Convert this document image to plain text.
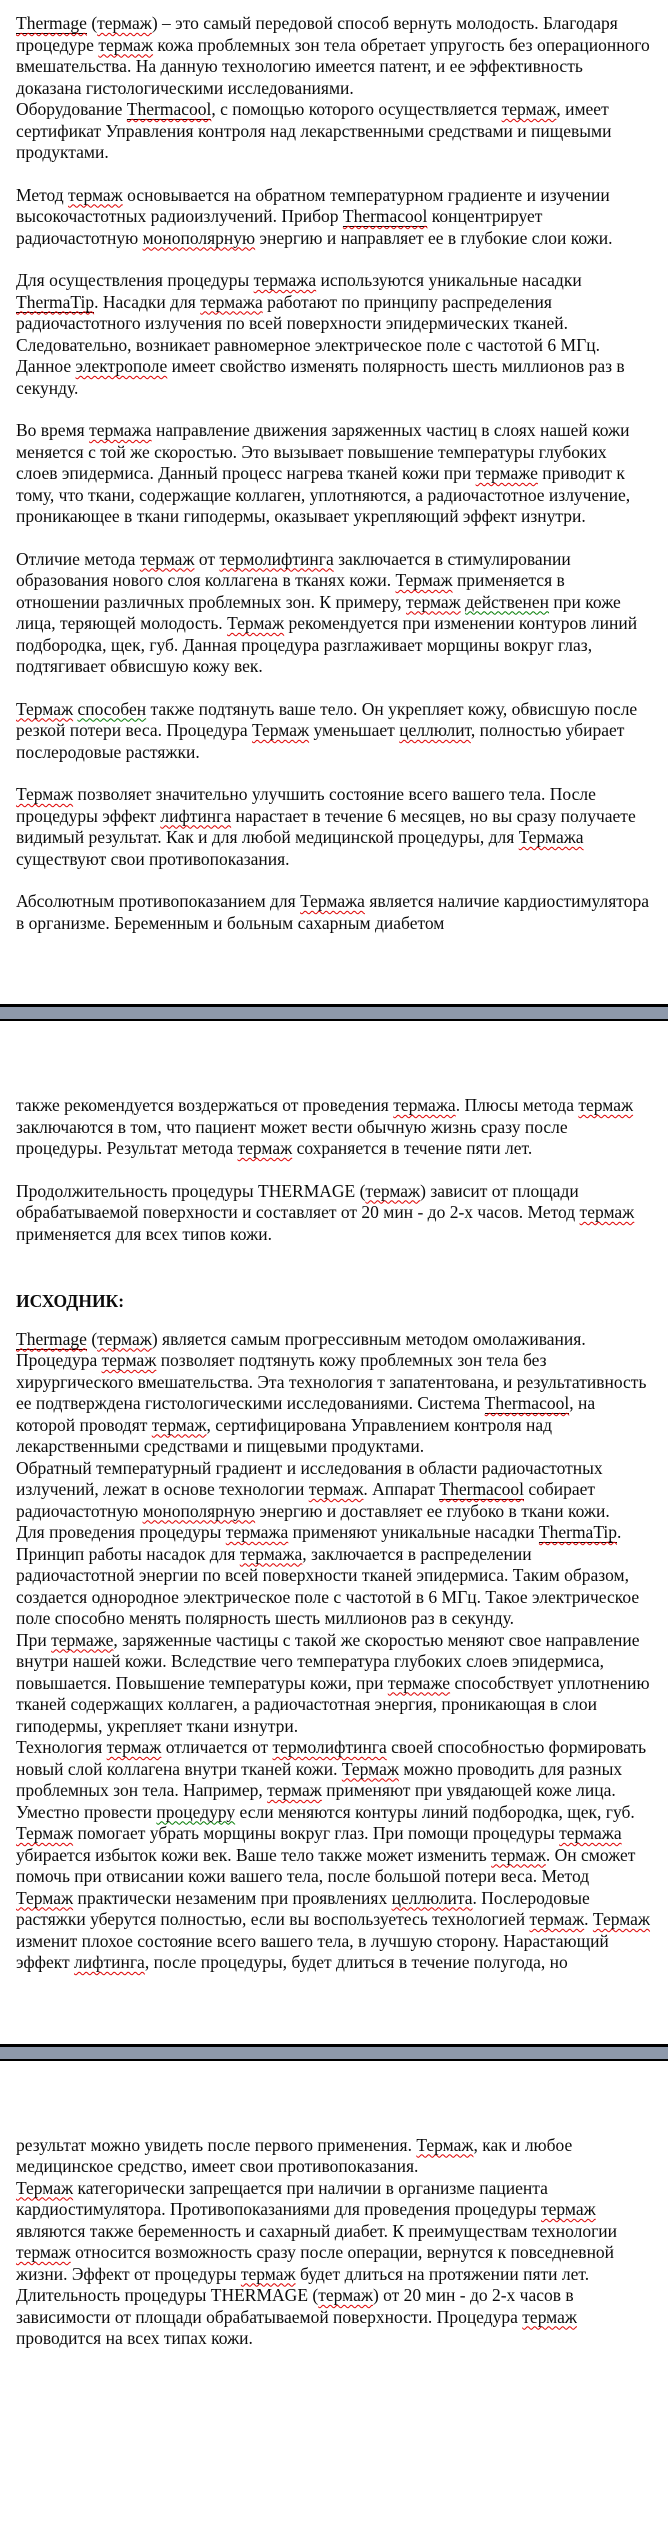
Thermage (термаж) – это самый передовой способ вернуть молодость. Благодаря процедуре термаж кожа проблемных зон тела обретает упругость без операционного вмешательства. На данную технологию имеется патент, и ее эффективность доказана гистологическими исследованиями.

Оборудование Thermacool, с помощью которого осуществляется термаж, имеет сертификат Управления контроля над лекарственными средствами и пищевыми продуктами.

Метод термаж основывается на обратном температурном градиенте и изучении высокочастотных радиоизлучений. Прибор Thermacool концентрирует радиочастотную монополярную энергию и направляет ее в глубокие слои кожи.

Для осуществления процедуры термажа используются уникальные насадки ThermaTip. Насадки для термажа работают по принципу распределения радиочастотного излучения по всей поверхности эпидермических тканей. Следовательно, возникает равномерное электрическое поле с частотой 6 МГц. Данное электрополе имеет свойство изменять полярность шесть миллионов раз в секунду.

Во время термажа направление движения заряженных частиц в слоях нашей кожи меняется с той же скоростью. Это вызывает повышение температуры глубоких слоев эпидермиса. Данный процесс нагрева тканей кожи при термаже приводит к тому, что ткани, содержащие коллаген, уплотняются, а радиочастотное излучение, проникающее в ткани гиподермы, оказывает укрепляющий эффект изнутри.

Отличие метода термаж от термолифтинга заключается в стимулировании образования нового слоя коллагена в тканях кожи. Термаж применяется в отношении различных проблемных зон. К примеру, термаж действенен при коже лица, теряющей молодость. Термаж рекомендуется при изменении контуров линий подбородка, щек, губ. Данная процедура разглаживает морщины вокруг глаз, подтягивает обвисшую кожу век.

Термаж способен также подтянуть ваше тело. Он укрепляет кожу, обвисшую после резкой потери веса. Процедура Термаж уменьшает целлюлит, полностью убирает послеродовые растяжки.

Термаж позволяет значительно улучшить состояние всего вашего тела. После процедуры эффект лифтинга нарастает в течение 6 месяцев, но вы сразу получаете видимый результат. Как и для любой медицинской процедуры, для Термажа существуют свои противопоказания.

Абсолютным противопоказанием для Термажа является наличие кардиостимулятора в организме. Беременным и больным сахарным диабетом

также рекомендуется воздержаться от проведения термажа. Плюсы метода термаж заключаются в том, что пациент может вести обычную жизнь сразу после процедуры. Результат метода термаж сохраняется в течение пяти лет.

Продолжительность процедуры THERMAGE (термаж) зависит от площади обрабатываемой поверхности и составляет от 20 мин - до 2-х часов. Метод термаж применяется для всех типов кожи.

ИСХОДНИК:

Thermage (термаж) является самым прогрессивным методом омолаживания. Процедура термаж позволяет подтянуть кожу проблемных зон тела без хирургического вмешательства. Эта технология т запатентована, и результативность ее подтверждена гистологическими исследованиями. Система Thermacool, на которой проводят термаж, сертифицирована Управлением контроля над лекарственными средствами и пищевыми продуктами.

Обратный температурный градиент и исследования в области радиочастотных излучений, лежат в основе технологии термаж. Аппарат Thermacool собирает радиочастотную монополярную энергию и доставляет ее глубоко в ткани кожи.

Для проведения процедуры термажа применяют уникальные насадки ThermaTip. Принцип работы насадок для термажа, заключается в распределении радиочастотной энергии по всей поверхности тканей эпидермиса. Таким образом, создается однородное электрическое поле с частотой в 6 МГц. Такое электрическое поле способно менять полярность шесть миллионов раз в секунду.

При термаже, заряженные частицы с такой же скоростью меняют свое направление внутри нашей кожи. Вследствие чего температура глубоких слоев эпидермиса, повышается. Повышение температуры кожи, при термаже способствует уплотнению тканей содержащих коллаген, а радиочастотная энергия, проникающая в слои гиподермы, укрепляет ткани изнутри.

Технология термаж отличается от термолифтинга своей способностью формировать новый слой коллагена внутри тканей кожи. Термаж можно проводить для разных проблемных зон тела. Например, термаж применяют при увядающей коже лица. Уместно провести процедуру если меняются контуры линий подбородка, щек, губ. Термаж помогает убрать морщины вокруг глаз. При помощи процедуры термажа убирается избыток кожи век. Ваше тело также может изменить термаж. Он сможет помочь при отвисании кожи вашего тела, после большой потери веса. Метод Термаж практически незаменим при проявлениях целлюлита. Послеродовые растяжки уберутся полностью, если вы воспользуетесь технологией термаж. Термаж изменит плохое состояние всего вашего тела, в лучшую сторону. Нарастающий эффект лифтинга, после процедуры, будет длиться в течение полугода, но

результат можно увидеть после первого применения. Термаж, как и любое медицинское средство, имеет свои противопоказания.

Термаж категорически запрещается при наличии в организме пациента кардиостимулятора. Противопоказаниями для проведения процедуры термаж являются также беременность и сахарный диабет. К преимуществам технологии термаж относится возможность сразу после операции, вернутся к повседневной жизни. Эффект от процедуры термаж будет длиться на протяжении пяти лет.

Длительность процедуры THERMAGE (термаж) от 20 мин - до 2-х часов в зависимости от площади обрабатываемой поверхности. Процедура термаж проводится на всех типах кожи.
